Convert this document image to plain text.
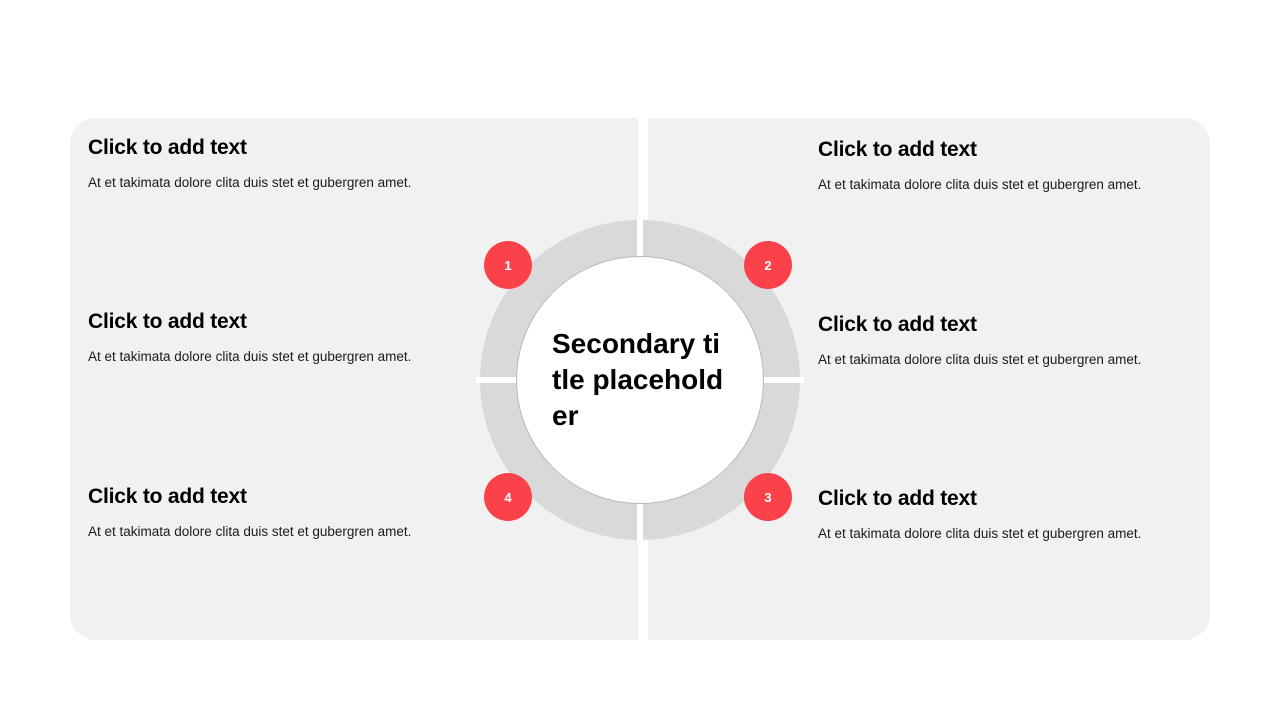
Click to add text

At et takimata dolore clita duis stet et gubergren amet.

Click to add text

At et takimata dolore clita duis stet et gubergren amet.

Click to add text

At et takimata dolore clita duis stet et gubergren amet.

Click to add text

At et takimata dolore clita duis stet et gubergren amet.

Click to add text

At et takimata dolore clita duis stet et gubergren amet.

Click to add text

At et takimata dolore clita duis stet et gubergren amet.

Secondary title placeholder
1	2
3
4
